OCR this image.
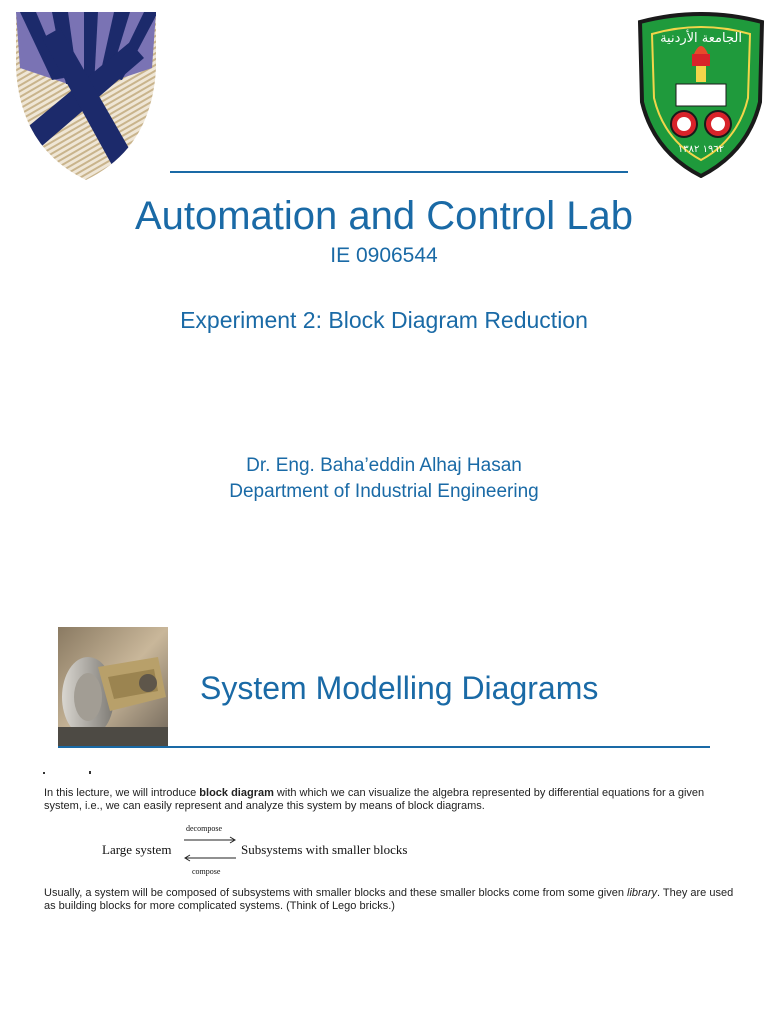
الجامعة الأردنية
١٩٦٢ ١٣٨٢
Automation and Control Lab
IE 0906544
Experiment 2: Block Diagram Reduction
Dr. Eng. Baha’eddin Alhaj Hasan
Department of Industrial Engineering
System Modelling Diagrams
In this lecture, we will introduce block diagram with which we can visualize the algebra represented by differential equations for a given system, i.e., we can easily represent and analyze this system by means of block diagrams.
decompose
Large system	Subsystems with smaller blocks
compose
Usually, a system will be composed of subsystems with smaller blocks and these smaller blocks come from some given library. They are used as building blocks for more complicated systems. (Think of Lego bricks.)
